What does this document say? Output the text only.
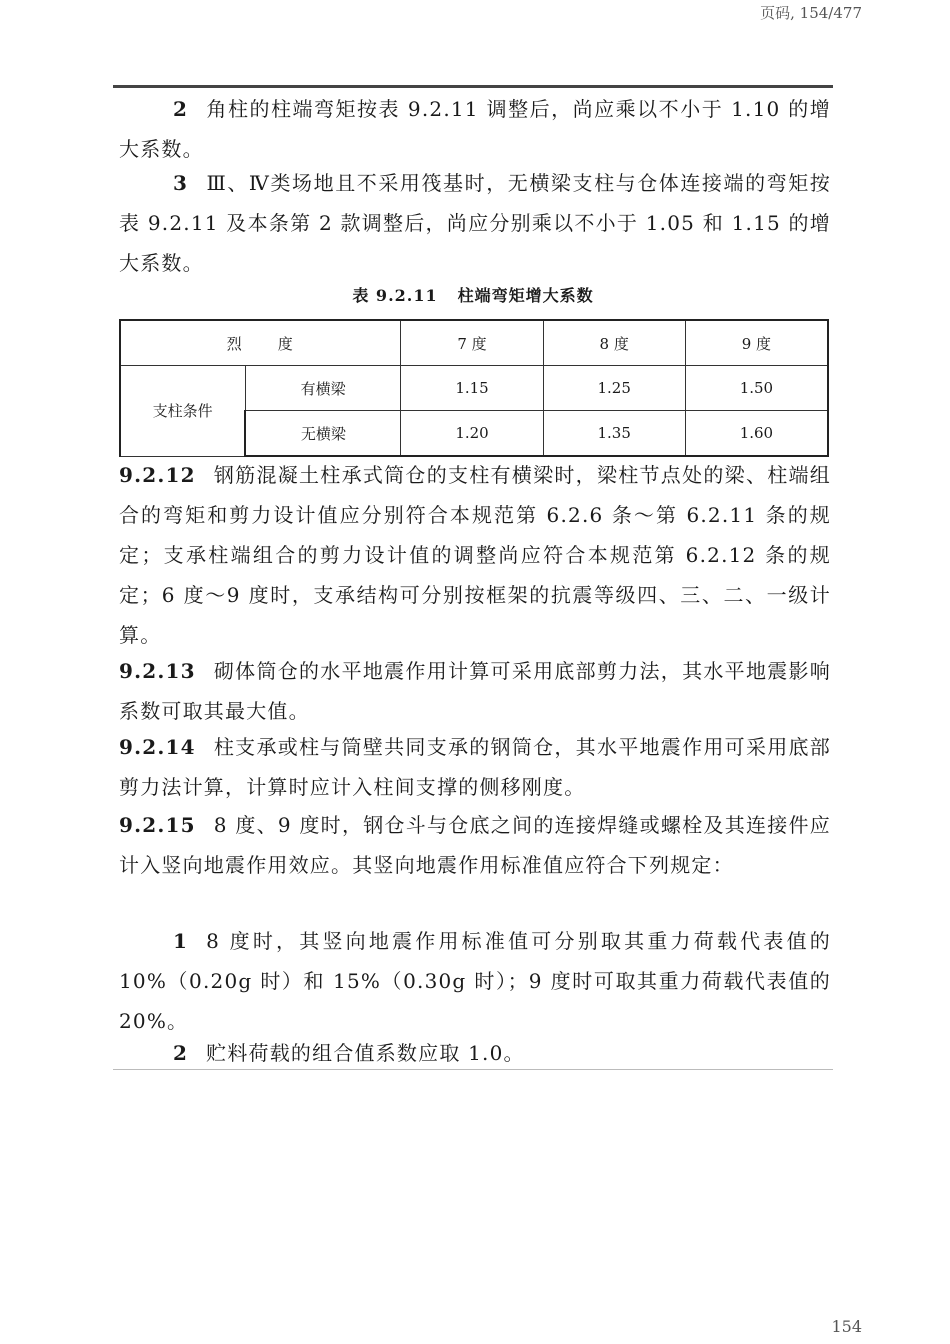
页码, 154/477
2 角柱的柱端弯矩按表 9.2.11 调整后，尚应乘以不小于 1.10 的增大系数。
3 Ⅲ、Ⅳ类场地且不采用筏基时，无横梁支柱与仓体连接端的弯矩按表 9.2.11 及本条第 2 款调整后，尚应分别乘以不小于 1.05 和 1.15 的增大系数。
表 9.2.11 柱端弯矩增大系数
烈　　度		7 度	8 度	9 度
支柱条件	有横梁	1.15	1.25	1.50
	无横梁	1.20	1.35	1.60
9.2.12 钢筋混凝土柱承式筒仓的支柱有横梁时，梁柱节点处的梁、柱端组合的弯矩和剪力设计值应分别符合本规范第 6.2.6 条～第 6.2.11 条的规定；支承柱端组合的剪力设计值的调整尚应符合本规范第 6.2.12 条的规定；6 度～9 度时，支承结构可分别按框架的抗震等级四、三、二、一级计算。
9.2.13 砌体筒仓的水平地震作用计算可采用底部剪力法，其水平地震影响系数可取其最大值。
9.2.14 柱支承或柱与筒壁共同支承的钢筒仓，其水平地震作用可采用底部剪力法计算，计算时应计入柱间支撑的侧移刚度。
9.2.15 8 度、9 度时，钢仓斗与仓底之间的连接焊缝或螺栓及其连接件应计入竖向地震作用效应。其竖向地震作用标准值应符合下列规定：
1 8 度时，其竖向地震作用标准值可分别取其重力荷载代表值的 10%（0.20g 时）和 15%（0.30g 时）；9 度时可取其重力荷载代表值的 20%。
2 贮料荷载的组合值系数应取 1.0。
154
